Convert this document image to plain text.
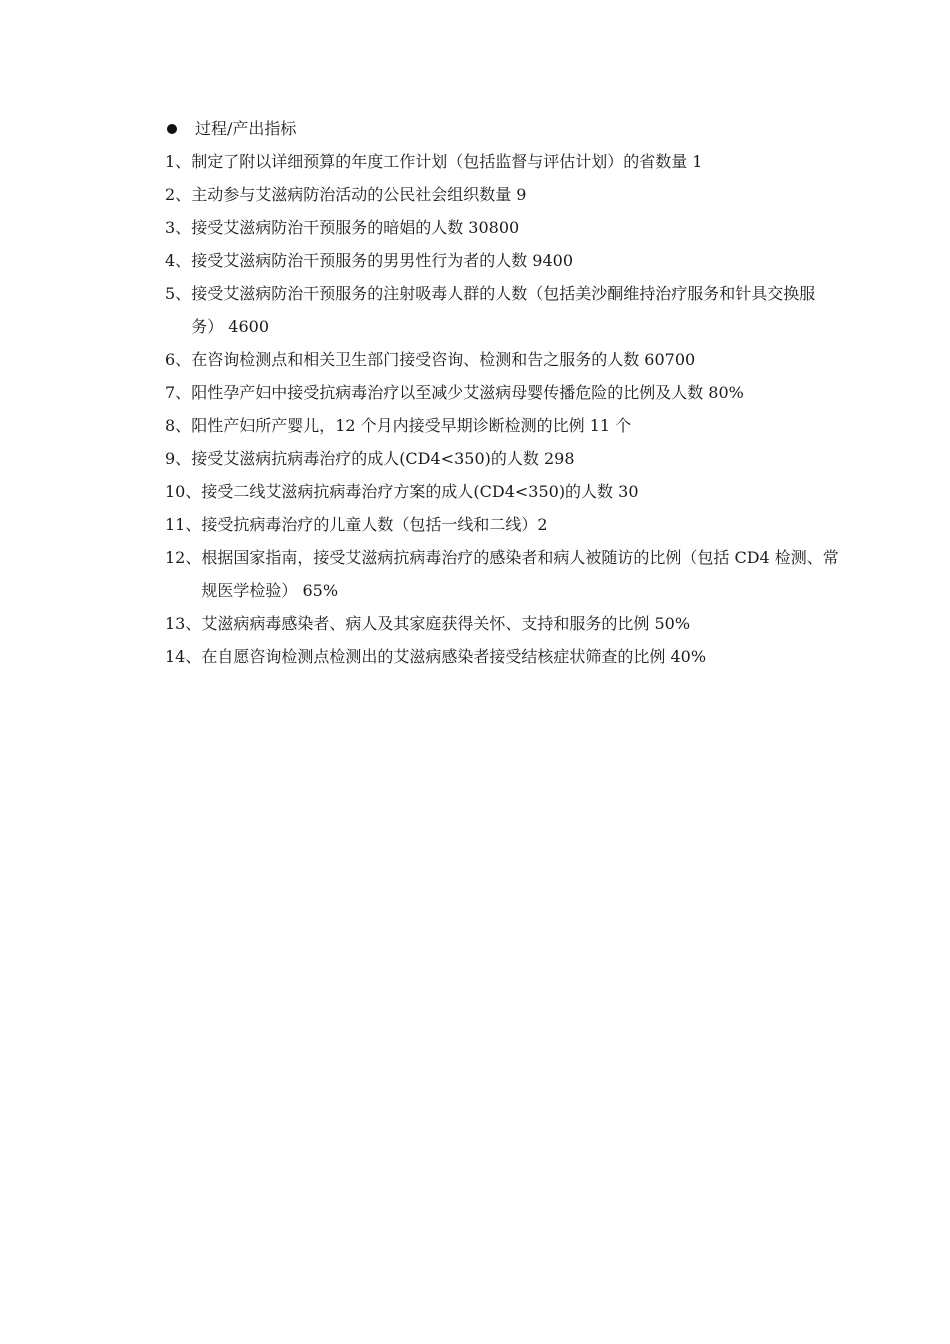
过程/产出指标
1、 制定了附以详细预算的年度工作计划（包括监督与评估计划）的省数量 1
2、 主动参与艾滋病防治活动的公民社会组织数量 9
3、 接受艾滋病防治干预服务的暗娼的人数 30800
4、 接受艾滋病防治干预服务的男男性行为者的人数 9400
5、 接受艾滋病防治干预服务的注射吸毒人群的人数（包括美沙酮维持治疗服务和针具交换服务） 4600
6、 在咨询检测点和相关卫生部门接受咨询、检测和告之服务的人数 60700
7、 阳性孕产妇中接受抗病毒治疗以至减少艾滋病母婴传播危险的比例及人数 80%
8、 阳性产妇所产婴儿，12 个月内接受早期诊断检测的比例 11 个
9、 接受艾滋病抗病毒治疗的成人(CD4<350)的人数 298
10、 接受二线艾滋病抗病毒治疗方案的成人(CD4<350)的人数 30
11、 接受抗病毒治疗的儿童人数（包括一线和二线）2
12、 根据国家指南，接受艾滋病抗病毒治疗的感染者和病人被随访的比例（包括 CD4 检测、常规医学检验） 65%
13、 艾滋病病毒感染者、病人及其家庭获得关怀、支持和服务的比例 50%
14、 在自愿咨询检测点检测出的艾滋病感染者接受结核症状筛查的比例 40%
